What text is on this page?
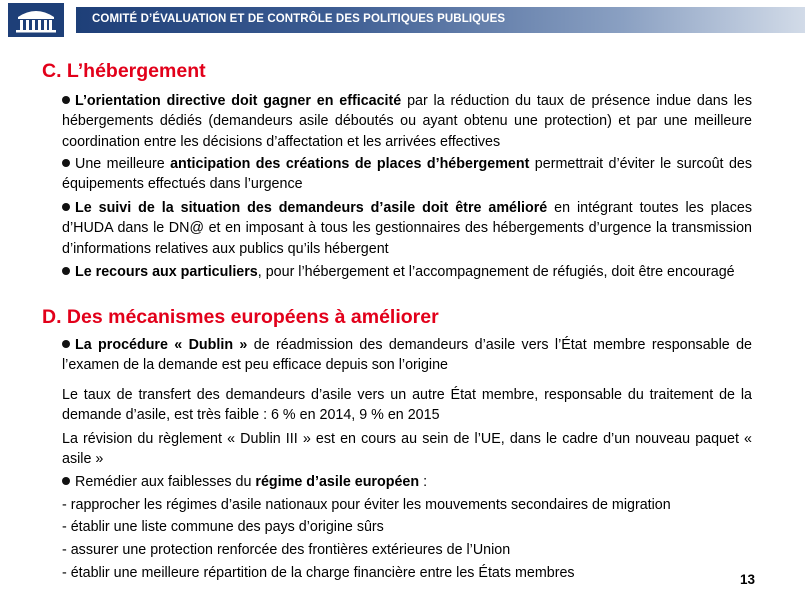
COMITÉ D’ÉVALUATION ET DE CONTRÔLE DES POLITIQUES PUBLIQUES
C. L’hébergement
L’orientation directive doit gagner en efficacité par la réduction du taux de présence indue dans les hébergements dédiés (demandeurs asile déboutés ou ayant obtenu une protection) et par une meilleure coordination entre les décisions d’affectation et les arrivées effectives
Une meilleure anticipation des créations de places d’hébergement permettrait d’éviter le surcoût des équipements effectués dans l’urgence
Le suivi de la situation des demandeurs d’asile doit être amélioré en intégrant toutes les places d’HUDA dans le DN@ et en imposant à tous les gestionnaires des hébergements d’urgence la transmission d’informations relatives aux publics qu’ils hébergent
Le recours aux particuliers, pour l’hébergement et l’accompagnement de réfugiés, doit être encouragé
D. Des mécanismes européens à améliorer
La procédure « Dublin » de réadmission des demandeurs d’asile vers l’État membre responsable de l’examen de la demande est peu efficace depuis son l’origine
Le taux de transfert des demandeurs d’asile vers un autre État membre, responsable du traitement de la demande d’asile, est très faible : 6 % en 2014, 9 % en 2015
La révision du règlement « Dublin III » est en cours au sein de l’UE, dans le cadre d’un nouveau paquet « asile »
Remédier aux faiblesses du régime d’asile européen :
- rapprocher les régimes d’asile nationaux pour éviter les mouvements secondaires de migration
- établir une liste commune des pays d’origine sûrs
- assurer une protection renforcée des frontières extérieures de l’Union
- établir une meilleure répartition de la charge financière entre les États membres	13
